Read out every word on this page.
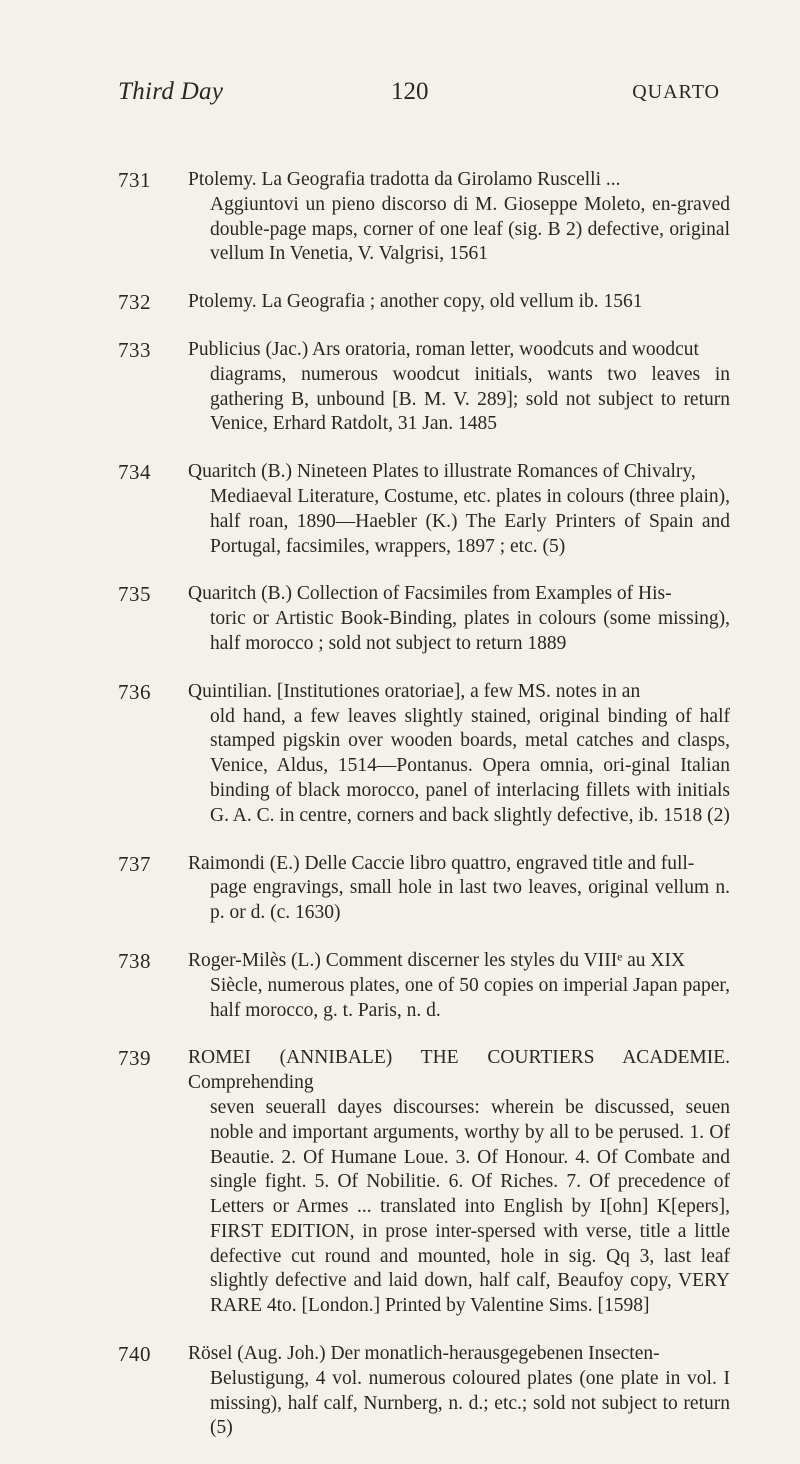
Third Day	120	QUARTO
731 Ptolemy. La Geografia tradotta da Girolamo Ruscelli ...
Aggiuntovi un pieno discorso di M. Gioseppe Moleto, en-graved double-page maps, corner of one leaf (sig. B 2) defective, original vellum In Venetia, V. Valgrisi, 1561
732 Ptolemy. La Geografia ; another copy, old vellum ib. 1561
733 Publicius (Jac.) Ars oratoria, roman letter, woodcuts and woodcut
diagrams, numerous woodcut initials, wants two leaves in gathering B, unbound [B. M. V. 289]; sold not subject to return Venice, Erhard Ratdolt, 31 Jan. 1485
734 Quaritch (B.) Nineteen Plates to illustrate Romances of Chivalry,
Mediaeval Literature, Costume, etc. plates in colours (three plain), half roan, 1890—Haebler (K.) The Early Printers of Spain and Portugal, facsimiles, wrappers, 1897 ; etc. (5)
735 Quaritch (B.) Collection of Facsimiles from Examples of His-
toric or Artistic Book-Binding, plates in colours (some missing), half morocco ; sold not subject to return 1889
736 Quintilian. [Institutiones oratoriae], a few MS. notes in an
old hand, a few leaves slightly stained, original binding of half stamped pigskin over wooden boards, metal catches and clasps, Venice, Aldus, 1514—Pontanus. Opera omnia, ori-ginal Italian binding of black morocco, panel of interlacing fillets with initials G. A. C. in centre, corners and back slightly defective, ib. 1518 (2)
737 Raimondi (E.) Delle Caccie libro quattro, engraved title and full-
page engravings, small hole in last two leaves, original vellum n. p. or d. (c. 1630)
738 Roger-Milès (L.) Comment discerner les styles du VIIIᵉ au XIX
Siècle, numerous plates, one of 50 copies on imperial Japan paper, half morocco, g. t. Paris, n. d.
739 ROMEI (ANNIBALE) THE COURTIERS ACADEMIE. Comprehending
seven seuerall dayes discourses: wherein be discussed, seuen noble and important arguments, worthy by all to be perused. 1. Of Beautie. 2. Of Humane Loue. 3. Of Honour. 4. Of Combate and single fight. 5. Of Nobilitie. 6. Of Riches. 7. Of precedence of Letters or Armes ... translated into English by I[ohn] K[epers], FIRST EDITION, in prose inter-spersed with verse, title a little defective cut round and mounted, hole in sig. Qq 3, last leaf slightly defective and laid down, half calf, Beaufoy copy, VERY RARE 4to. [London.] Printed by Valentine Sims. [1598]
740 Rösel (Aug. Joh.) Der monatlich-herausgegebenen Insecten-
Belustigung, 4 vol. numerous coloured plates (one plate in vol. I missing), half calf, Nurnberg, n. d.; etc.; sold not subject to return (5)
